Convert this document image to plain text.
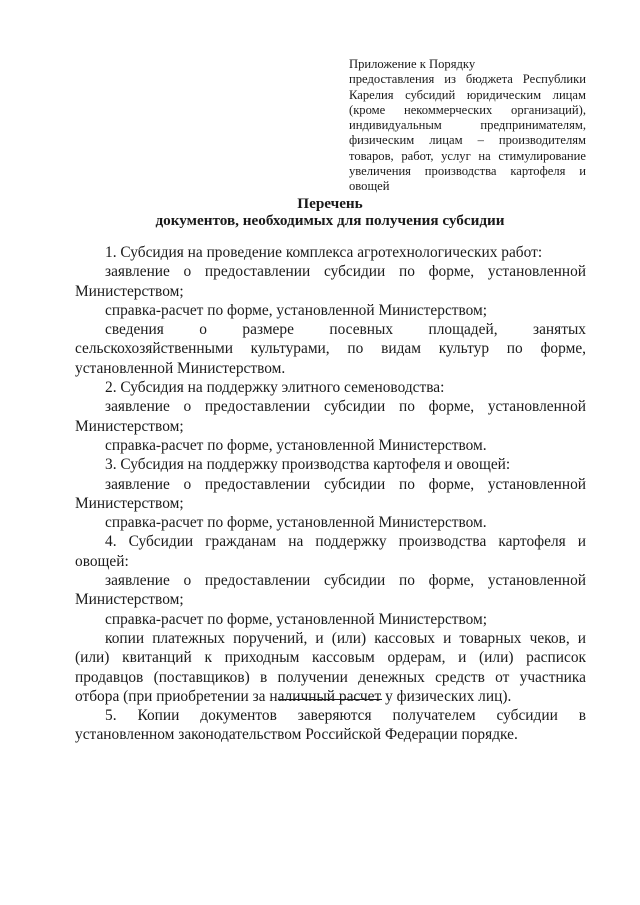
Приложение к Порядку
предоставления из бюджета Республики Карелия субсидий юридическим лицам (кроме некоммерческих организаций), индивидуальным предпринимателям, физическим лицам – производителям товаров, работ, услуг на стимулирование увеличения производства картофеля и овощей
Перечень
документов, необходимых для получения субсидии

1. Субсидия на проведение комплекса агротехнологических работ:

заявление о предоставлении субсидии по форме, установленной Министерством;

справка-расчет по форме, установленной Министерством;

сведения о размере посевных площадей, занятых сельскохозяйственными культурами, по видам культур по форме, установленной Министерством.

2. Субсидия на поддержку элитного семеноводства:

заявление о предоставлении субсидии по форме, установленной Министерством;

справка-расчет по форме, установленной Министерством.

3. Субсидия на поддержку производства картофеля и овощей:

заявление о предоставлении субсидии по форме, установленной Министерством;

справка-расчет по форме, установленной Министерством.

4. Субсидии гражданам на поддержку производства картофеля и овощей:

заявление о предоставлении субсидии по форме, установленной Министерством;

справка-расчет по форме, установленной Министерством;

копии платежных поручений, и (или) кассовых и товарных чеков, и (или) квитанций к приходным кассовым ордерам, и (или) расписок продавцов (поставщиков) в получении денежных средств от участника отбора (при приобретении за наличный расчет у физических лиц).

5. Копии документов заверяются получателем субсидии в установленном законодательством Российской Федерации порядке.
